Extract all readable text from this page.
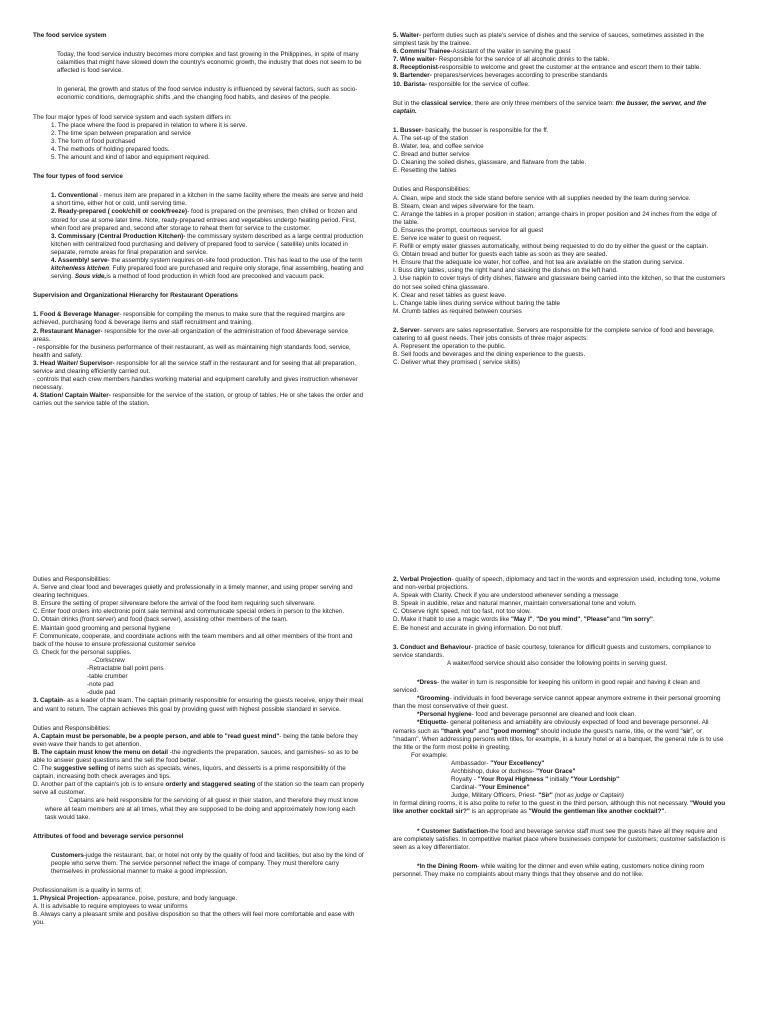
The food service system

Today, the food service industry becomes more complex and fast growing in the Philippines, in spite of many calamities that might have slowed down the country's economic growth, the industry that does not seem to be affected is food service.

In general, the growth and status of the food service industry is influenced by several factors, such as socio- economic conditions, demographic shifts ,and the changing food habits, and desires of the people.

The four major types of food service system and each system differs in:

1. The place where the food is prepared in relation to where it is serve.

2. The time span between preparation and service

3. The form of food purchased

4. The methods of holding prepared foods.

5. The amount and kind of labor and equipment required.

The four types of food service

1. Conventional - menus item are prepared in a kitchen in the same facility where the meals are serve and held a short time, either hot or cold, until serving time.

2. Ready-prepared ( cook/chill or cook/freeze)- food is prepared on the premises, then chilled or frozen and stored for use at some later time. Note, ready-prepared entrees and vegetables undergo heating period. First, when food are prepared and, second after storage to reheat them for service to the customer.

3. Commissary (Central Production Kitchen)- the commissary system described as a large central production kitchen with centralized food purchasing and delivery of prepared food to service ( satellite) units located in separate, remote areas for final preparation and service.

4. Assembly/ serve- the assembly system requires on-site food production. This has lead to the use of the term kitchenless kitchen. Fully prepared food are purchased and require only storage, final assembling, heating and serving. Sous vide,is a method of food production in which food are precooked and vacuum pack.

Supervision and Organizational Hierarchy for Restaurant Operations

1. Food & Beverage Manager- responsible for compiling the menus to make sure that the required margins are achieved, purchasing food & beverage items and staff recruitment and training.

2. Restaurant Manager- responsible for the over-all organization of the administration of food &beverage service areas.

- responsible for the business performance of their restaurant, as well as maintaining high standards food, service, health and safety.

3. Head Waiter/ Supervisor- responsible for all the service staff in the restaurant and for seeing that all preparation, service and clearing efficiently carried out.

- controls that each crew members handles working material and equipment carefully and gives instruction whenever necessary.

4. Station/ Captain Waiter- responsible for the service of the station, or group of tables. He or she takes the order and carries out the service table of the station.

5. Waiter- perform duties such as plate's service of dishes and the service of sauces, sometimes assisted in the simplest task by the trainee.

6. Commis/ Trainee-Assistant of the waiter in serving the guest

7. Wine waiter- Responsible for the service of all alcoholic drinks to the table.

8. Receptionist-responsible to welcome and greet the customer at the entrance and escort them to their table.

9. Bartender- prepares/services beverages according to prescribe standards

10. Barista- responsible for the service of coffee.

But in the classical service, there are only three members of the service team: the busser, the server, and the captain.

1. Busser- basically, the busser is responsible for the ff.

A. The set-up of the station

B. Water, tea, and coffee service

C. Bread and butter service

D. Cleaning the soiled dishes, glassware, and flatware from the table.

E. Resetting the tables

Duties and Responsibilities:

A. Clean, wipe and stock the side stand before service with all supplies needed by the team during service.

B. Steam, clean and wipes silverware for the team.

C. Arrange the tables in a proper position in station; arrange chairs in proper position and 24 inches from the edge of the table.

D. Ensures the prompt, courteous service for all guest

E. Serve ice water to guest on request.

F. Refill or empty water glasses automatically, without being requested to do do by either the guest or the captain.

G. Obtain bread and butter for guests each table as soon as they are seated.

H. Ensure that the adequate ice water, hot coffee, and hot tea are available on the station during service.

I. Buss dirty tables, using the right hand and stacking the dishes on the left hand.

J. Use napkin to cover trays of dirty dishes; flatware and glassware being carried into the kitchen, so that the customers do not see soiled china glassware.

K. Clear and reset tables as guest leave.

L. Change table lines during service without baring the table

M. Crumb tables as required between courses

2. Server- servers are sales representative. Servers are responsible for the complete service of food and beverage, catering to all guest needs. Their jobs consists of three major aspects:

A. Represent the operation to the public.

B. Sell foods and beverages and the dining experience to the guests.

C. Deliver what they promised ( service skills)

Duties and Responsibilities:

A. Serve and clear food and beverages quietly and professionally in a timely manner, and using proper serving and clearing techniques.

B. Ensure the setting of proper silverware before the arrival of the food item requiring such silverware.

C. Enter food orders into electronic point sale terminal and communicate special orders in person to the kitchen.

D. Obtain drinks (front server) and food (back server), assisting other members of the team.

E. Maintain good grooming and personal hygiene

F. Communicate, cooperate, and coordinate actions with the team members and all other members of the front and back of the house to ensure professional customer service

G. Check for the personal supplies.

-Corkscrew

-Retractable ball point pens

-table crumber

-note pad

-dude pad

3. Captain- as a leader of the team. The captain primarily responsible for ensuring the guests receive, enjoy their meal and want to return. The captain achieves this goal by providing guest with highest possible standard in service.

Duties and Responsibilities:

A. Captain must be personable, be a people person, and able to "read guest mind"- being the table before they even wave their hands to get attention.

B. The captain must know the menu on detail -the ingredients the preparation, sauces, and garnishes- so as to be able to answer guest questions and the sell the food better.

C. The suggestive selling of items such as specials, wines, liquors, and desserts is a prime responsibility of the captain, increasing both check averages and tips.

D. Another part of the captain's job is to ensure orderly and staggered seating of the station so the team can properly serve all customer.

Captains are held responsible for the servicing of all guest in their station, and therefore they must know where all team members are at all times, what they are supposed to be doing and approximately how long each task would take.

Attributes of food and beverage service personnel

Customers-judge the restaurant, bar, or hotel not only by the quality of food and facilities, but also by the kind of people who serve them. The service personnel reflect the image of company. They must therefore carry themselves in professional manner to make a good impression.

Professionalism is a quality in terms of;

1. Physical Projection- appearance, poise, posture, and body language.

A. It is advisable to require employees to wear uniforms

B. Always carry a pleasant smile and positive disposition so that the others will feel more comfortable and ease with you.

2. Verbal Projection- quality of speech, diplomacy and tact in the words and expression used, including tone, volume and non-verbal projections.

A. Speak with Clarity. Check if you are understood whenever sending a message

B. Speak in audible, relax and natural manner, maintain conversational tone and volum.

C. Observe right speed, not too fast, not too slow.

D. Make it habit to use a magic words like "May I", "Do you mind", "Please"and "Im sorry".

E. Be honest and accurate in giving information. Do not bluff.

3. Conduct and Behaviour- practice of basic courtesy, tolerance for difficult guests and customers, compliance to service standards.

A waiter/food service should also consider the following points in serving guest.

*Dress- the waiter in turn is responsible for keeping his uniform in good repair and having it clean and serviced.

*Grooming- individuals in food beverage service cannot appear anymore extreme in their personal grooming than the most conservative of their guest.

*Personal hygiene- food and beverage personnel are cleaned and look clean.

*Etiquette- general politeness and amiability are obviously expected of food and beverage personnel. All remarks such as "thank you" and "good morning" should include the guest's name, title, or the word "sir", or "madam". When addressing persons with titles, for example, in a luxury hotel or at a banquet, the general rule is to use the title or the form most polite in greeting.

For example:

Ambassador- "Your Excellency"

Archbishop, duke or duchess- "Your Grace"

Royalty - "Your Royal Highness " initially "Your Lordship"

Cardinal- "Your Eminence"

Judge, Military Officers, Priest- "Sir" (not as judge or Captain)

In formal dining rooms, it is also polite to refer to the guest in the third person, although this not necessary. "Would you like another cocktail sir?" is an appropriate as "Would the gentleman like another cocktail?".

* Customer Satisfaction-the food and beverage service staff must see the guests have all they require and are completely satisfies. In competitive market place where businesses compete for customers; customer satisfaction is seen as a key differentiator.

*In the Dining Room- while waiting for the dinner and even while eating, customers notice dining room personnel. They make no complaints about many things that they observe and do not like.
